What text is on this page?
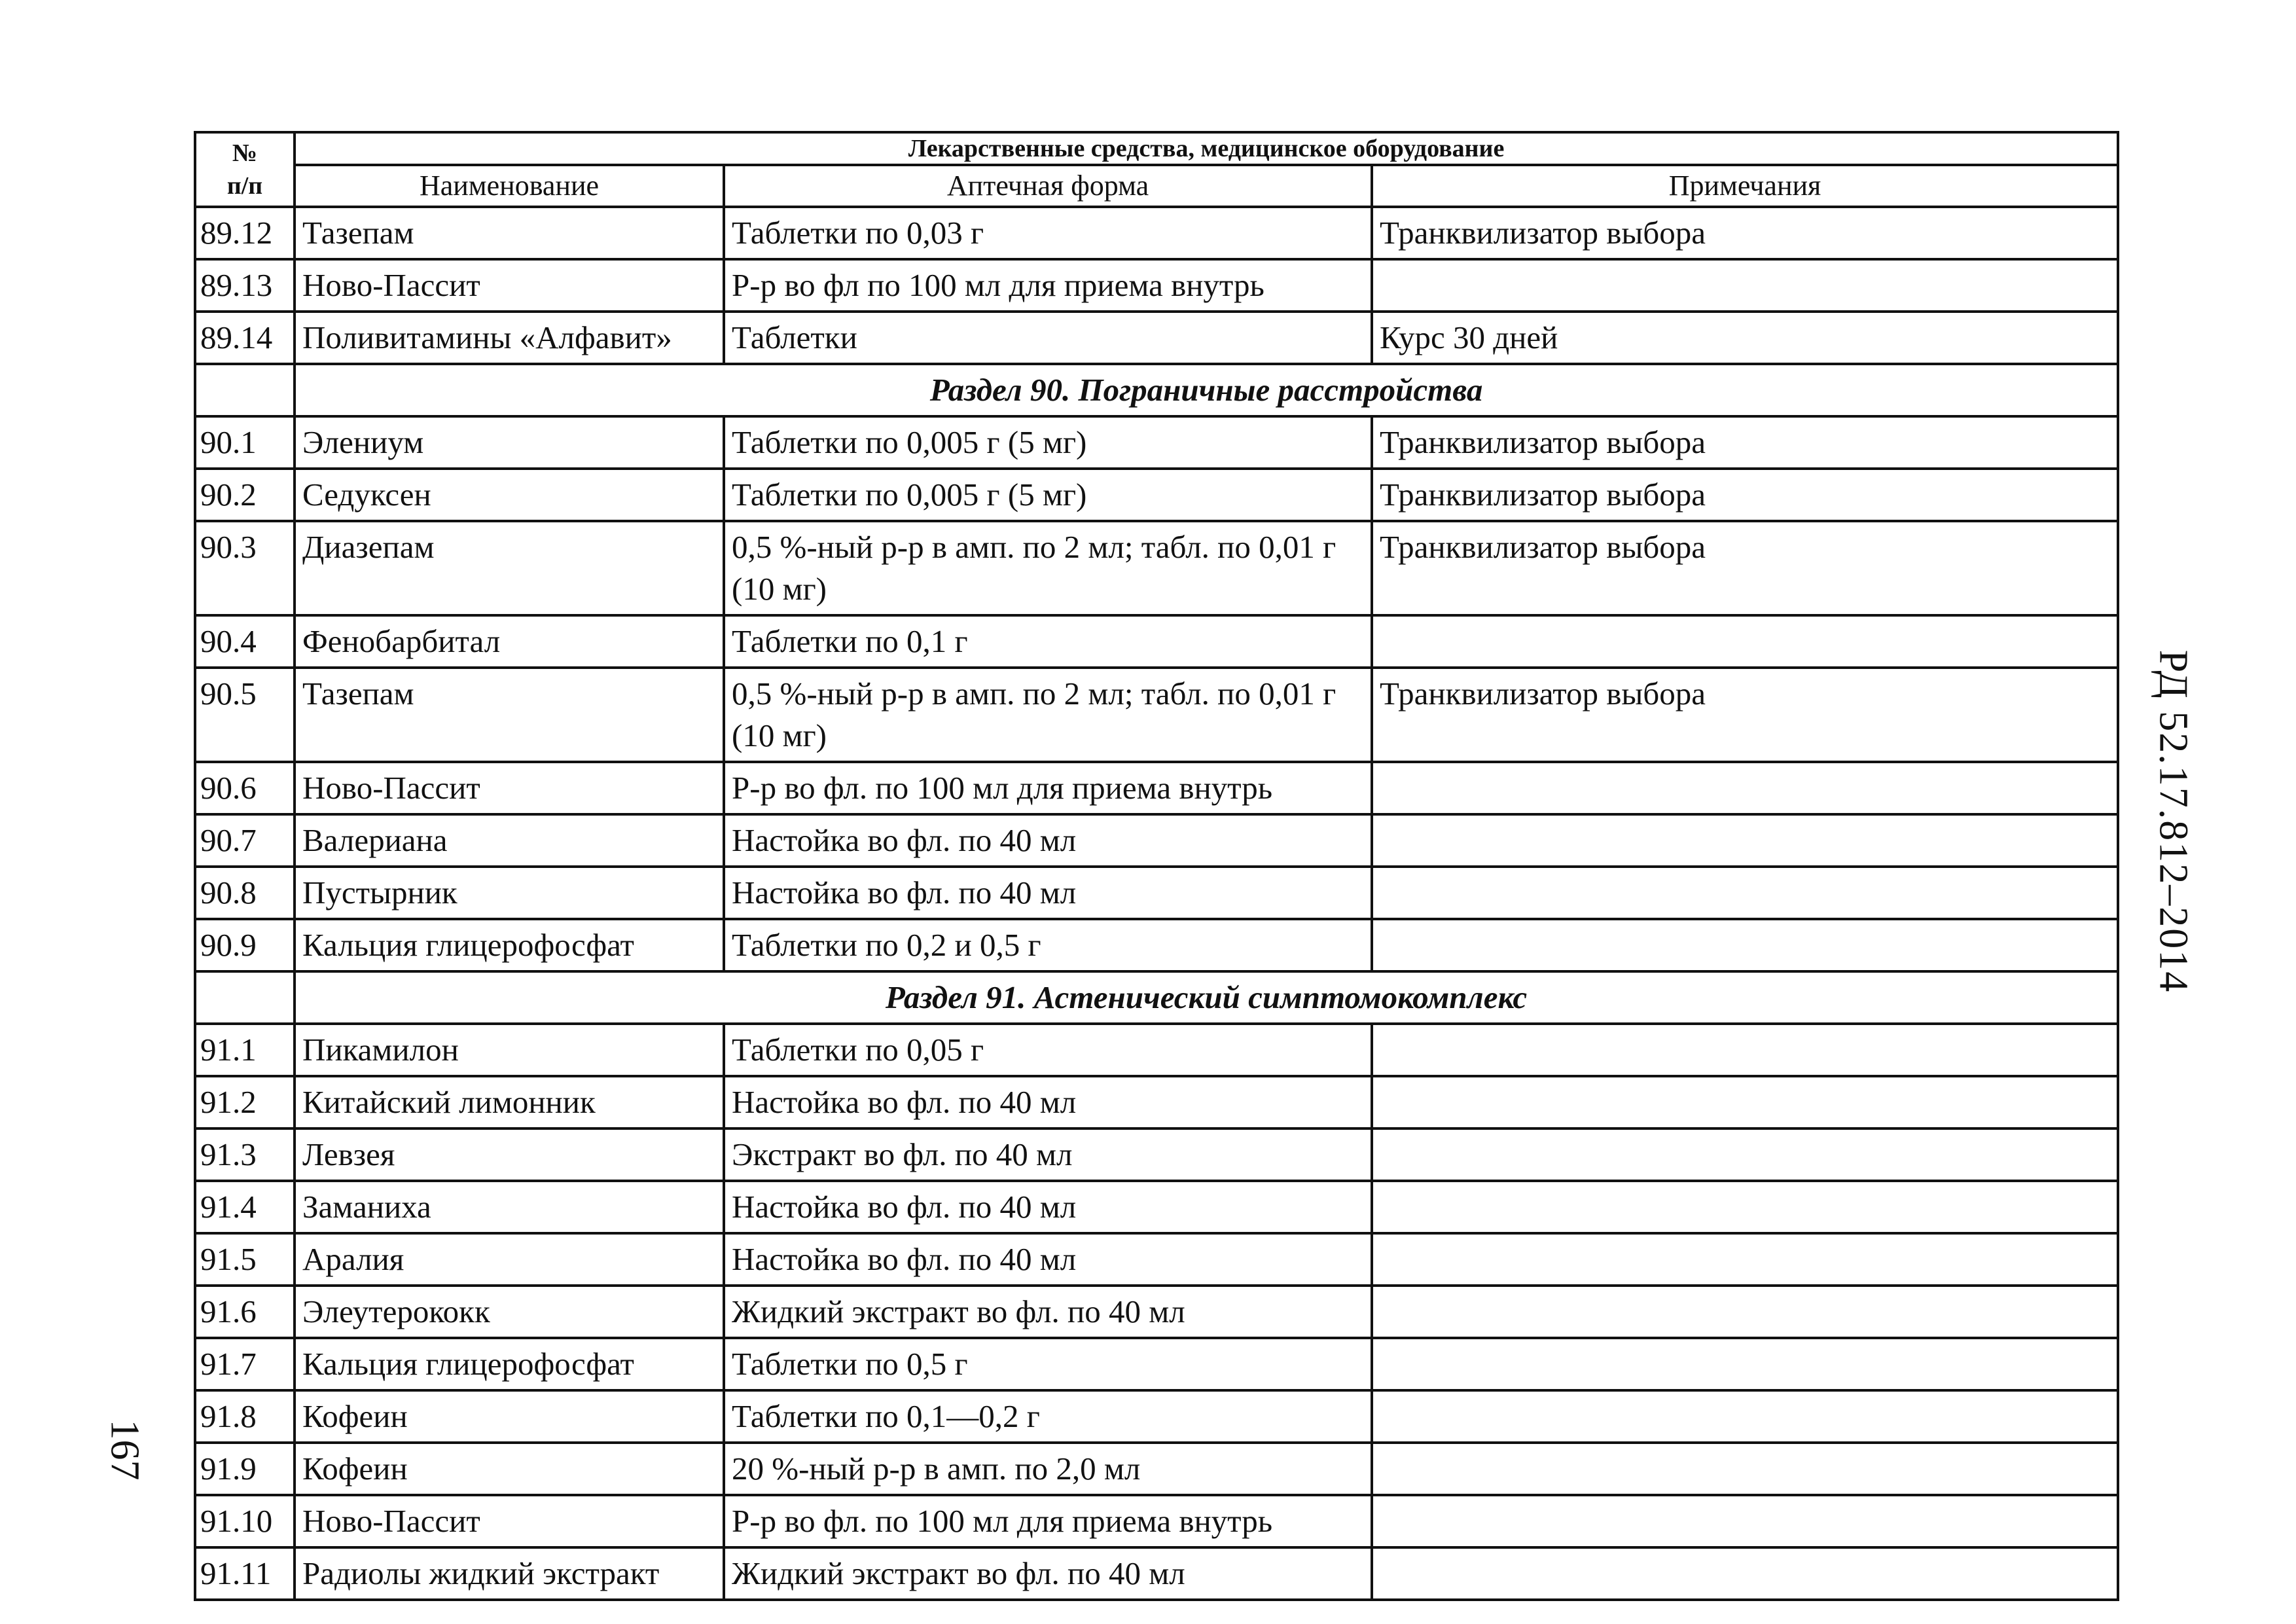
№
п/п	Лекарственные средства, медицинское оборудование		
	Наименование	Аптечная форма	Примечания
89.12	Тазепам	Таблетки по 0,03 г	Транквилизатор выбора
89.13	Ново-Пассит	Р-р во фл по 100 мл для приема внутрь	
89.14	Поливитамины «Алфавит»	Таблетки	Курс 30 дней
	Раздел 90. Пограничные расстройства		
90.1	Элениум	Таблетки по 0,005 г (5 мг)	Транквилизатор выбора
90.2	Седуксен	Таблетки по 0,005 г (5 мг)	Транквилизатор выбора
90.3	Диазепам	0,5 %-ный р-р в амп. по 2 мл; табл. по 0,01 г (10 мг)	Транквилизатор выбора
90.4	Фенобарбитал	Таблетки по 0,1 г	
90.5	Тазепам	0,5 %-ный р-р в амп. по 2 мл; табл. по 0,01 г (10 мг)	Транквилизатор выбора
90.6	Ново-Пассит	Р-р во фл. по 100 мл для приема внутрь	
90.7	Валериана	Настойка во фл. по 40 мл	
90.8	Пустырник	Настойка во фл. по 40 мл	
90.9	Кальция глицерофосфат	Таблетки по 0,2 и 0,5 г	
	Раздел 91. Астенический симптомокомплекс		
91.1	Пикамилон	Таблетки по 0,05 г	
91.2	Китайский лимонник	Настойка во фл. по 40 мл	
91.3	Левзея	Экстракт во фл. по 40 мл	
91.4	Заманиха	Настойка во фл. по 40 мл	
91.5	Аралия	Настойка во фл. по 40 мл	
91.6	Элеутерококк	Жидкий экстракт во фл. по 40 мл	
91.7	Кальция глицерофосфат	Таблетки по 0,5 г	
91.8	Кофеин	Таблетки по 0,1—0,2 г	
91.9	Кофеин	20 %-ный р-р в амп. по 2,0 мл	
91.10	Ново-Пассит	Р-р во фл. по 100 мл для приема внутрь	
91.11	Радиолы жидкий экстракт	Жидкий экстракт во фл. по 40 мл	
РД 52.17.812–2014
167
